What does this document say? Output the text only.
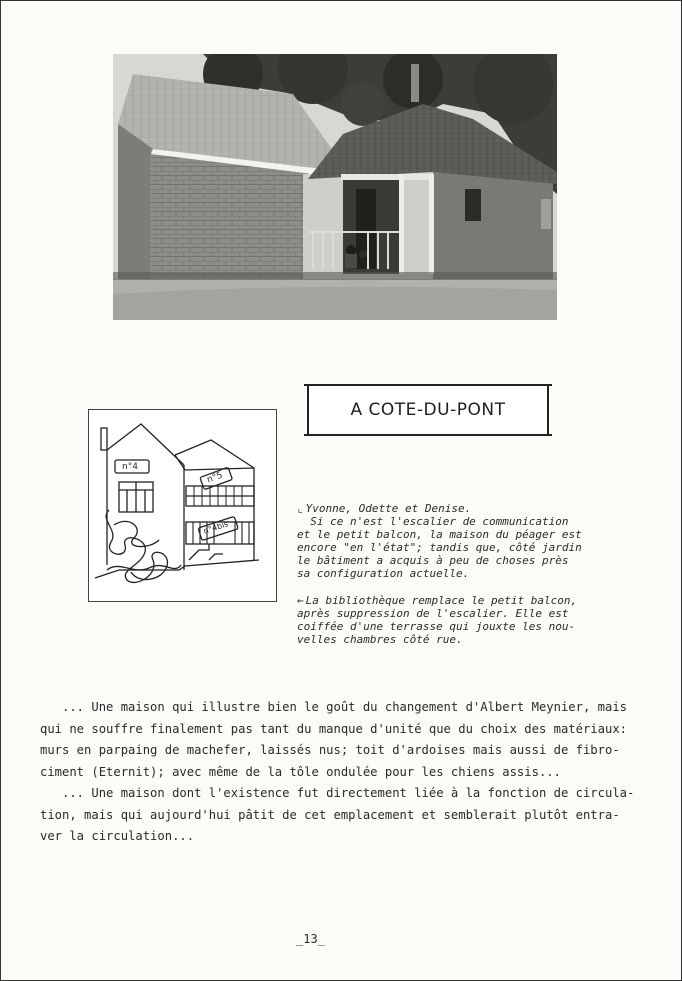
A COTE-DU-PONT
n°4
n°5
n°4bis
⌞ Yvonne, Odette et Denise.
Si ce n'est l'escalier de communication
et le petit balcon, la maison du péager est
encore "en l'état"; tandis que, côté jardin
le bâtiment a acquis à peu de choses près
sa configuration actuelle.
← La bibliothèque remplace le petit balcon,
après suppression de l'escalier. Elle est
coiffée d'une terrasse qui jouxte les nou-
velles chambres côté rue.
... Une maison qui illustre bien le goût du changement d'Albert Meynier, mais
qui ne souffre finalement pas tant du manque d'unité que du choix des matériaux:
murs en parpaing de machefer, laissés nus; toit d'ardoises mais aussi de fibro-
ciment (Eternit); avec même de la tôle ondulée pour les chiens assis...
... Une maison dont l'existence fut directement liée à la fonction de circula-
tion, mais qui aujourd'hui pâtit de cet emplacement et semblerait plutôt entra-
ver la circulation...
_13_
